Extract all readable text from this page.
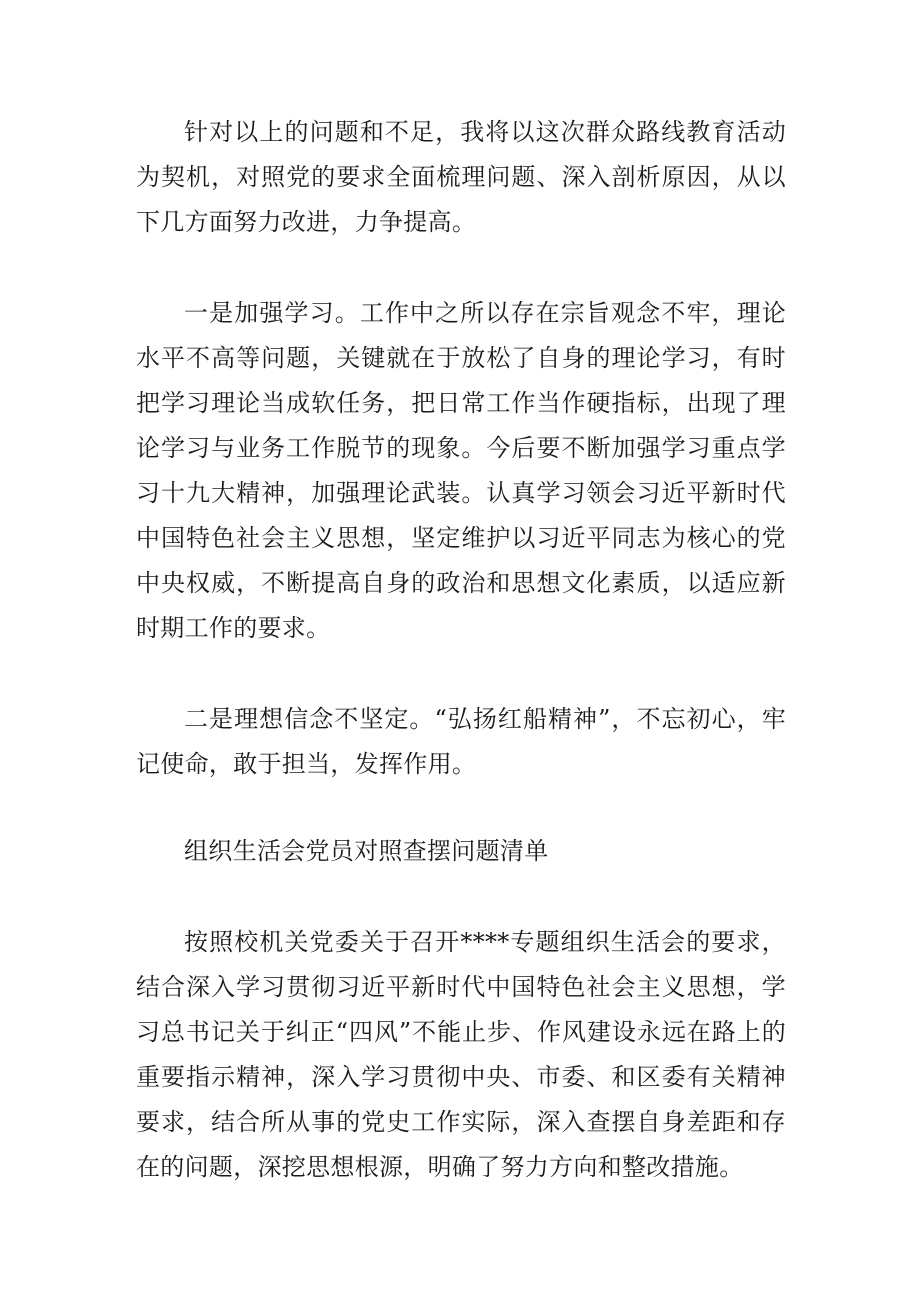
针对以上的问题和不足，我将以这次群众路线教育活动为契机，对照党的要求全面梳理问题、深入剖析原因，从以下几方面努力改进，力争提高。

一是加强学习。工作中之所以存在宗旨观念不牢，理论水平不高等问题，关键就在于放松了自身的理论学习，有时把学习理论当成软任务，把日常工作当作硬指标，出现了理论学习与业务工作脱节的现象。今后要不断加强学习重点学习十九大精神，加强理论武装。认真学习领会习近平新时代中国特色社会主义思想，坚定维护以习近平同志为核心的党中央权威，不断提高自身的政治和思想文化素质，以适应新时期工作的要求。

二是理想信念不坚定。“弘扬红船精神”，不忘初心，牢记使命，敢于担当，发挥作用。

组织生活会党员对照查摆问题清单

按照校机关党委关于召开****专题组织生活会的要求，结合深入学习贯彻习近平新时代中国特色社会主义思想，学习总书记关于纠正“四风”不能止步、作风建设永远在路上的重要指示精神，深入学习贯彻中央、市委、和区委有关精神要求，结合所从事的党史工作实际，深入查摆自身差距和存在的问题，深挖思想根源，明确了努力方向和整改措施。
